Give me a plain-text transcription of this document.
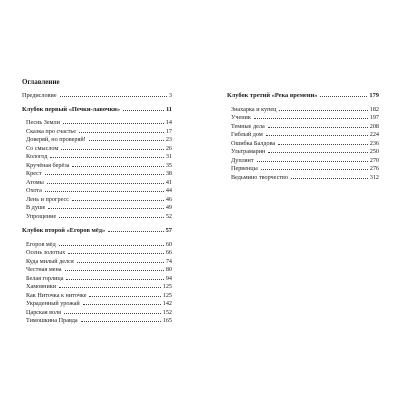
Оглавление
Предисловие	3
Клубок первый «Печки-лавочки»	11
Песнь Земли	14
Сказка про счастье	17
Доверяй, но проверяй!	23
Со смыслом	26
Кологод	31
Кручёная берёза	35
Крест	38
Атомы	41
Охота	44
Лень и прогресс	46
В душе	49
Упрощение	52
Клубок второй «Егоров мёд»	57
Егоров мёд	60
Осень золотых	66
Куда милый делся	74
Честная мена	80
Белая горлица	94
Хамовники	125
Как Ниточка к ниточке	125
Украденный урожай	142
Царская воля	152
Тимошкина Правда	165
Клубок третий «Река времени»	179
Знахарка и купец	182
Ученик	197
Темные дела	208
Гиблый дом	224
Ошибка Балдова	236
Ультрамарин	250
Дуплянт	270
Первенцы	276
Ведьмино творчество	312
